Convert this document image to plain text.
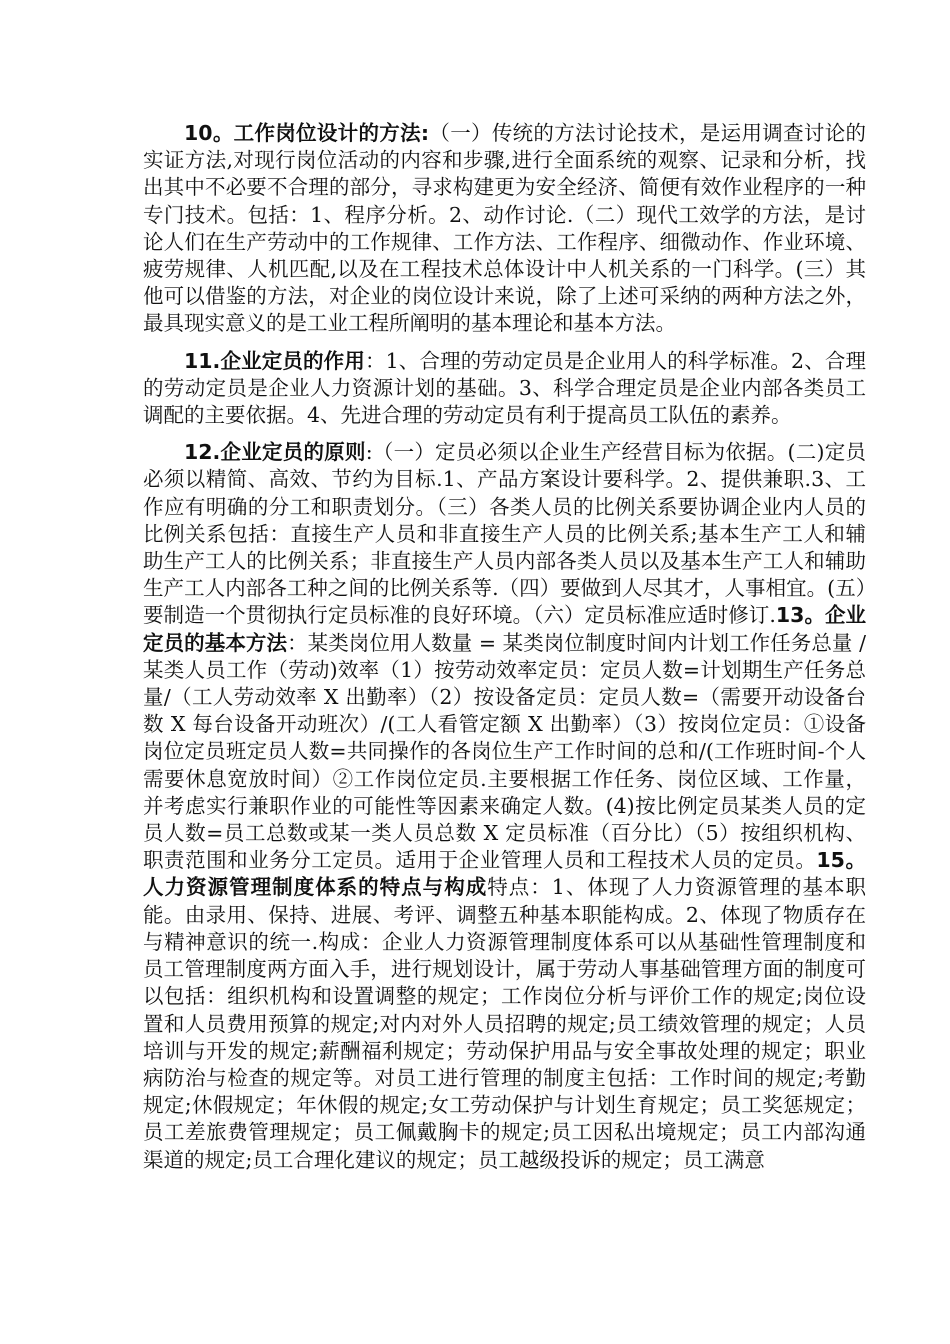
10。工作岗位设计的方法:（一）传统的方法讨论技术，是运用调查讨论的实证方法,对现行岗位活动的内容和步骤,进行全面系统的观察、记录和分析，找出其中不必要不合理的部分，寻求构建更为安全经济、简便有效作业程序的一种专门技术。包括：1、程序分析。2、动作讨论.（二）现代工效学的方法，是讨论人们在生产劳动中的工作规律、工作方法、工作程序、细微动作、作业环境、疲劳规律、人机匹配,以及在工程技术总体设计中人机关系的一门科学。(三）其他可以借鉴的方法，对企业的岗位设计来说，除了上述可采纳的两种方法之外，最具现实意义的是工业工程所阐明的基本理论和基本方法。

11.企业定员的作用：1、合理的劳动定员是企业用人的科学标准。2、合理的劳动定员是企业人力资源计划的基础。3、科学合理定员是企业内部各类员工调配的主要依据。4、先进合理的劳动定员有利于提高员工队伍的素养。

12.企业定员的原则:（一）定员必须以企业生产经营目标为依据。(二)定员必须以精简、高效、节约为目标.1、产品方案设计要科学。2、提供兼职.3、工作应有明确的分工和职责划分。（三）各类人员的比例关系要协调企业内人员的比例关系包括：直接生产人员和非直接生产人员的比例关系;基本生产工人和辅助生产工人的比例关系；非直接生产人员内部各类人员以及基本生产工人和辅助生产工人内部各工种之间的比例关系等.（四）要做到人尽其才，人事相宜。(五）要制造一个贯彻执行定员标准的良好环境。（六）定员标准应适时修订.13。企业定员的基本方法：某类岗位用人数量 = 某类岗位制度时间内计划工作任务总量 / 某类人员工作（劳动)效率（1）按劳动效率定员：定员人数=计划期生产任务总量/（工人劳动效率 X 出勤率）（2）按设备定员：定员人数=（需要开动设备台数 X 每台设备开动班次）/(工人看管定额 X 出勤率）（3）按岗位定员：①设备岗位定员班定员人数=共同操作的各岗位生产工作时间的总和/(工作班时间-个人需要休息宽放时间）②工作岗位定员.主要根据工作任务、岗位区域、工作量，并考虑实行兼职作业的可能性等因素来确定人数。(4)按比例定员某类人员的定员人数=员工总数或某一类人员总数 X 定员标准（百分比）（5）按组织机构、职责范围和业务分工定员。适用于企业管理人员和工程技术人员的定员。15。人力资源管理制度体系的特点与构成特点：1、体现了人力资源管理的基本职能。由录用、保持、进展、考评、调整五种基本职能构成。2、体现了物质存在与精神意识的统一.构成：企业人力资源管理制度体系可以从基础性管理制度和员工管理制度两方面入手，进行规划设计，属于劳动人事基础管理方面的制度可以包括：组织机构和设置调整的规定；工作岗位分析与评价工作的规定;岗位设置和人员费用预算的规定;对内对外人员招聘的规定;员工绩效管理的规定；人员培训与开发的规定;薪酬福利规定；劳动保护用品与安全事故处理的规定；职业病防治与检查的规定等。对员工进行管理的制度主包括：工作时间的规定;考勤规定;休假规定；年休假的规定;女工劳动保护与计划生育规定；员工奖惩规定；员工差旅费管理规定；员工佩戴胸卡的规定;员工因私出境规定；员工内部沟通渠道的规定;员工合理化建议的规定；员工越级投诉的规定；员工满意
